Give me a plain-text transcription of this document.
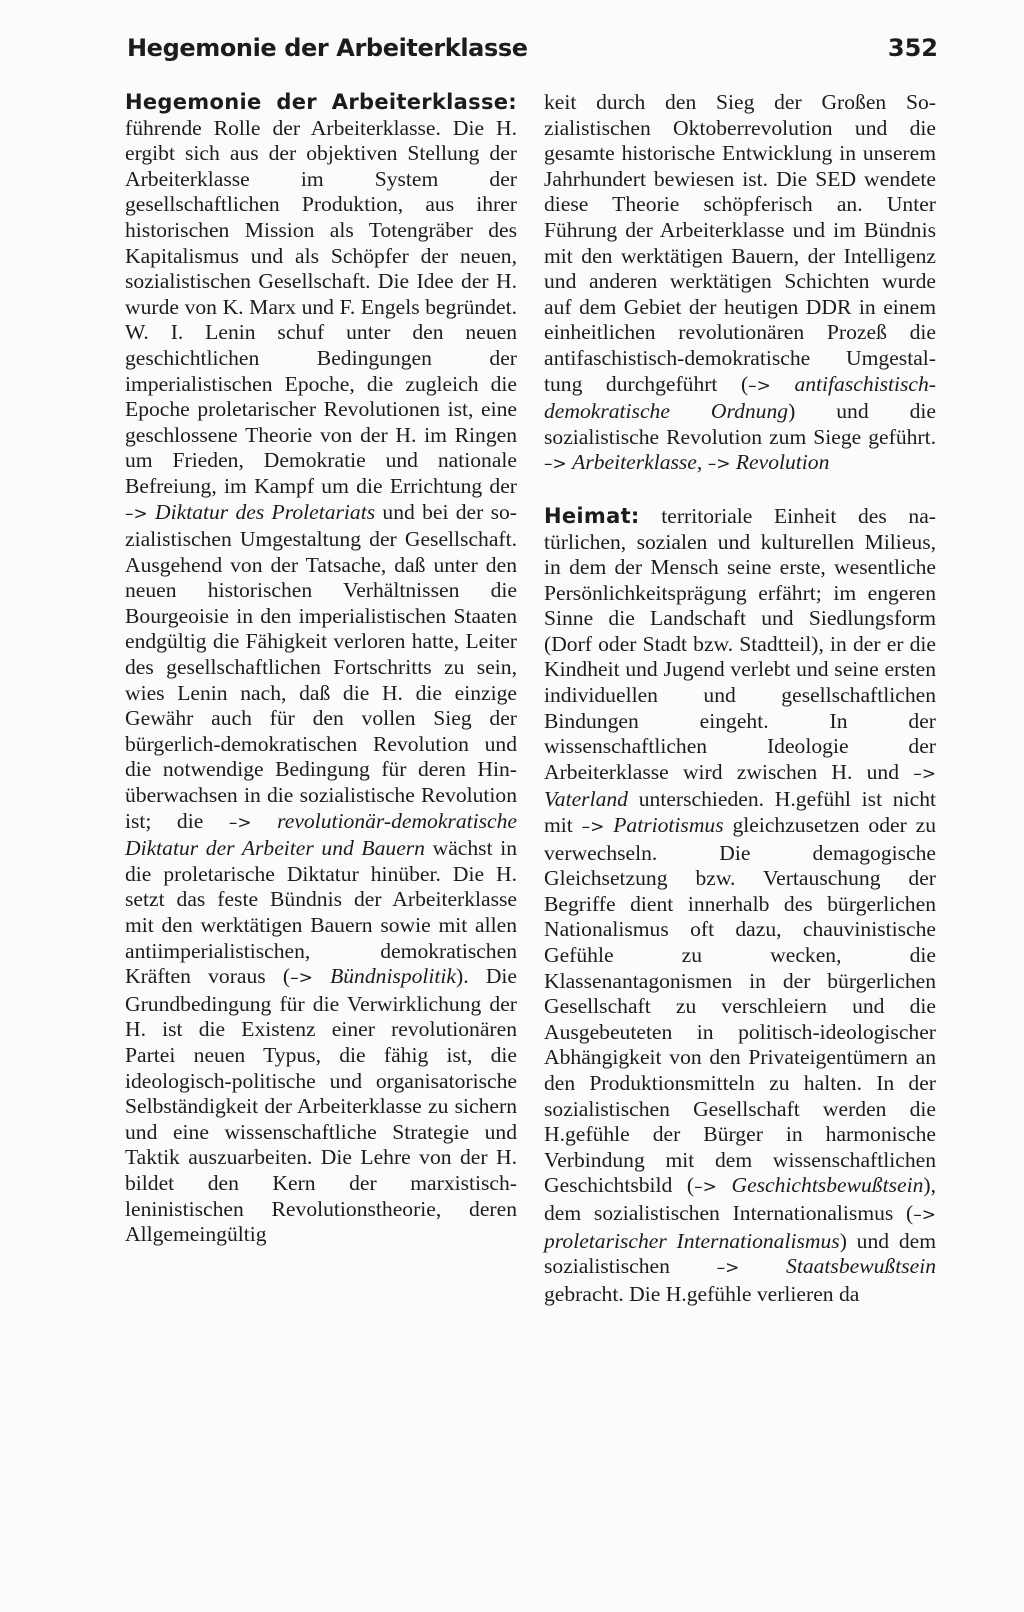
Hegemonie der Arbeiterklasse	352

Hegemonie der Arbeiterklasse: führende Rolle der Arbeiterklasse. Die H. ergibt sich aus der objektiven Stellung der Arbeiterklasse im System der gesellschaftlichen Produktion, aus ihrer historischen Mission als Totengräber des Kapitalismus und als Schöpfer der neuen, sozialistischen Gesellschaft. Die Idee der H. wurde von K. Marx und F. Engels begründet. W. I. Lenin schuf unter den neuen geschichtlichen Bedingungen der imperialistischen Epoche, die zugleich die Epoche proletarischer Revolutionen ist, eine geschlossene Theorie von der H. im Ringen um Frieden, Demokratie und nationale Befreiung, im Kampf um die Errichtung der –> Diktatur des Proletariats und bei der sozialistischen Umgestaltung der Gesellschaft. Ausgehend von der Tatsache, daß unter den neuen historischen Verhältnissen die Bourgeoisie in den imperialistischen Staaten endgültig die Fähigkeit verloren hatte, Leiter des gesellschaftlichen Fortschritts zu sein, wies Lenin nach, daß die H. die einzige Gewähr auch für den vollen Sieg der bürgerlich-demokratischen Revolution und die notwendige Bedingung für deren Hinüberwachsen in die sozialistische Revolution ist; die –> revolutionär-demokratische Diktatur der Arbeiter und Bauern wächst in die proletarische Diktatur hinüber. Die H. setzt das feste Bündnis der Arbeiterklasse mit den werktätigen Bauern sowie mit allen antiimperialistischen, demokratischen Kräften voraus (–> Bündnispolitik). Die Grundbedingung für die Verwirklichung der H. ist die Existenz einer revolutionären Partei neuen Typus, die fähig ist, die ideologisch-politische und organisatorische Selbständigkeit der Arbeiterklasse zu sichern und eine wissenschaftliche Strategie und Taktik auszuarbeiten. Die Lehre von der H. bildet den Kern der marxistisch-leninistischen Revolutionstheorie, deren Allgemeingültig

keit durch den Sieg der Großen Sozialistischen Oktoberrevolution und die gesamte historische Entwicklung in unserem Jahrhundert bewiesen ist. Die SED wendete diese Theorie schöpferisch an. Unter Führung der Arbeiterklasse und im Bündnis mit den werktätigen Bauern, der Intelligenz und anderen werktätigen Schichten wurde auf dem Gebiet der heutigen DDR in einem einheitlichen revolutionären Prozeß die antifaschistisch-demokratische Umgestaltung durchgeführt (–> antifaschistisch-demokratische Ordnung) und die sozialistische Revolution zum Siege geführt. –> Arbeiterklasse, –> Revolution

Heimat: territoriale Einheit des natürlichen, sozialen und kulturellen Milieus, in dem der Mensch seine erste, wesentliche Persönlichkeitsprägung erfährt; im engeren Sinne die Landschaft und Siedlungsform (Dorf oder Stadt bzw. Stadtteil), in der er die Kindheit und Jugend verlebt und seine ersten individuellen und gesellschaftlichen Bindungen eingeht. In der wissenschaftlichen Ideologie der Arbeiterklasse wird zwischen H. und –> Vaterland unterschieden. H.gefühl ist nicht mit –> Patriotismus gleichzusetzen oder zu verwechseln. Die demagogische Gleichsetzung bzw. Vertauschung der Begriffe dient innerhalb des bürgerlichen Nationalismus oft dazu, chauvinistische Gefühle zu wecken, die Klassenantagonismen in der bürgerlichen Gesellschaft zu verschleiern und die Ausgebeuteten in politisch-ideologischer Abhängigkeit von den Privateigentümern an den Produktionsmitteln zu halten. In der sozialistischen Gesellschaft werden die H.gefühle der Bürger in harmonische Verbindung mit dem wissenschaftlichen Geschichtsbild (–> Geschichtsbewußtsein), dem sozialistischen Internationalismus (–> proletarischer Internationalismus) und dem sozialistischen –> Staatsbewußtsein gebracht. Die H.gefühle verlieren da
